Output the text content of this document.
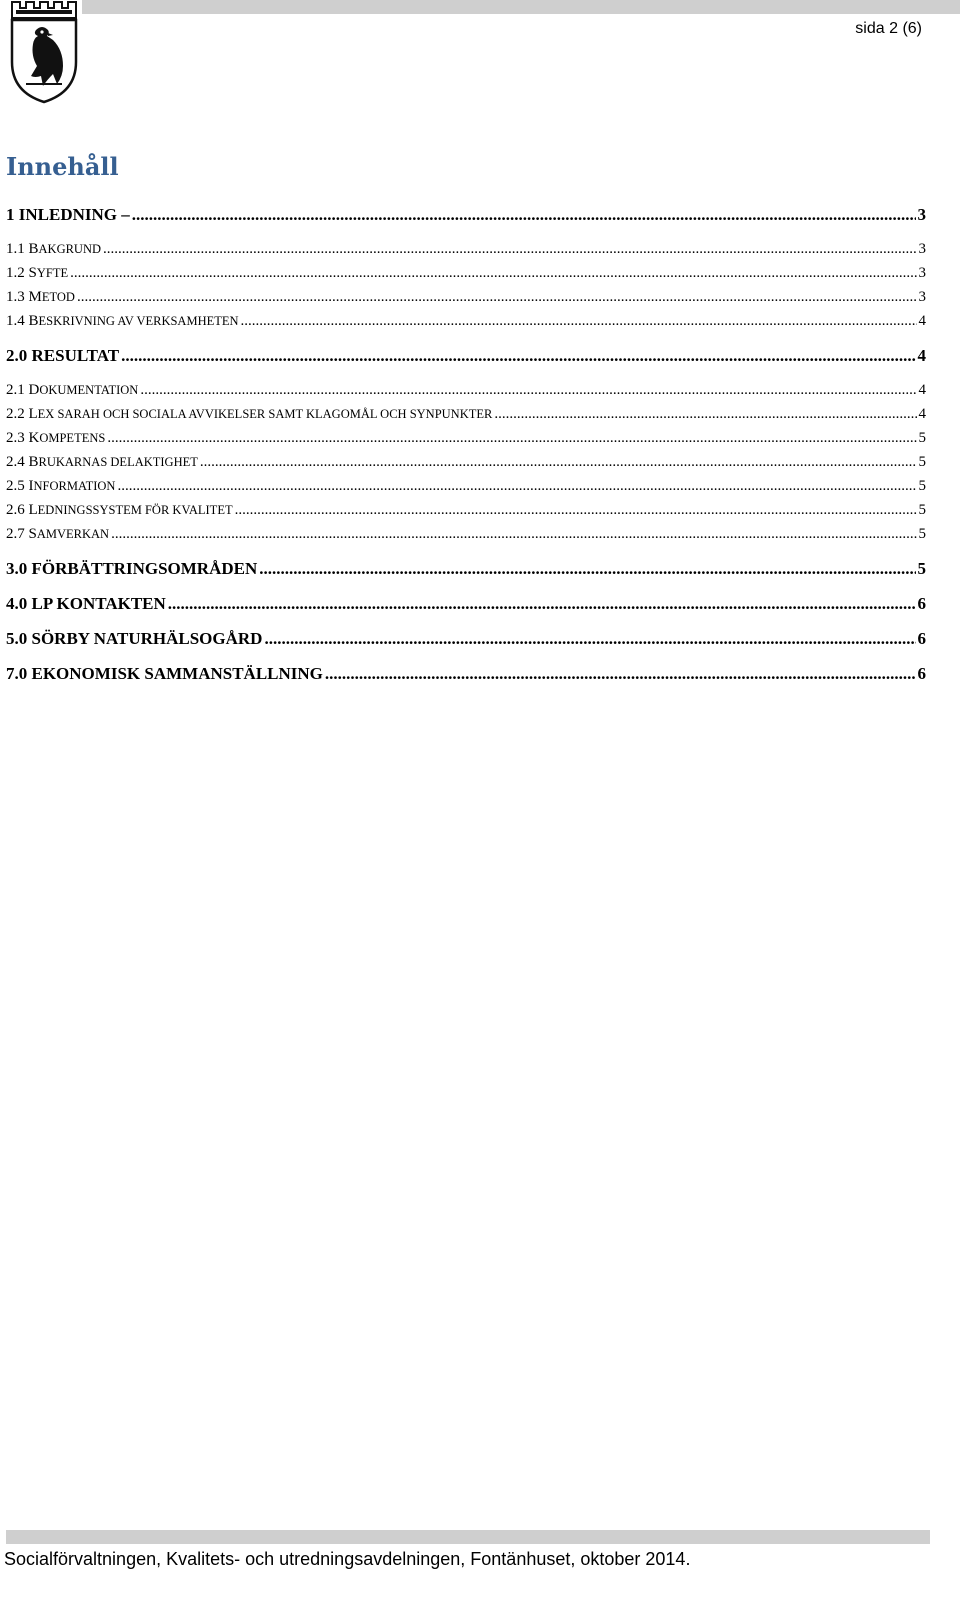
sida 2 (6)
Innehåll
1 INLEDNING – .....	3
1.1 BAKGRUND .....	3
1.2 SYFTE .....	3
1.3 METOD .....	3
1.4 BESKRIVNING AV VERKSAMHETEN .....	4
2.0 RESULTAT .....	4
2.1 DOKUMENTATION .....	4
2.2 LEX SARAH OCH SOCIALA AVVIKELSER SAMT KLAGOMÅL OCH SYNPUNKTER .....	4
2.3 KOMPETENS .....	5
2.4 BRUKARNAS DELAKTIGHET .....	5
2.5 INFORMATION .....	5
2.6 LEDNINGSSYSTEM FÖR KVALITET .....	5
2.7 SAMVERKAN .....	5
3.0 FÖRBÄTTRINGSOMRÅDEN .....	5
4.0 LP KONTAKTEN .....	6
5.0 SÖRBY NATURHÄLSOGÅRD .....	6
7.0 EKONOMISK SAMMANSTÄLLNING .....	6
Socialförvaltningen, Kvalitets- och utredningsavdelningen, Fontänhuset, oktober 2014.
